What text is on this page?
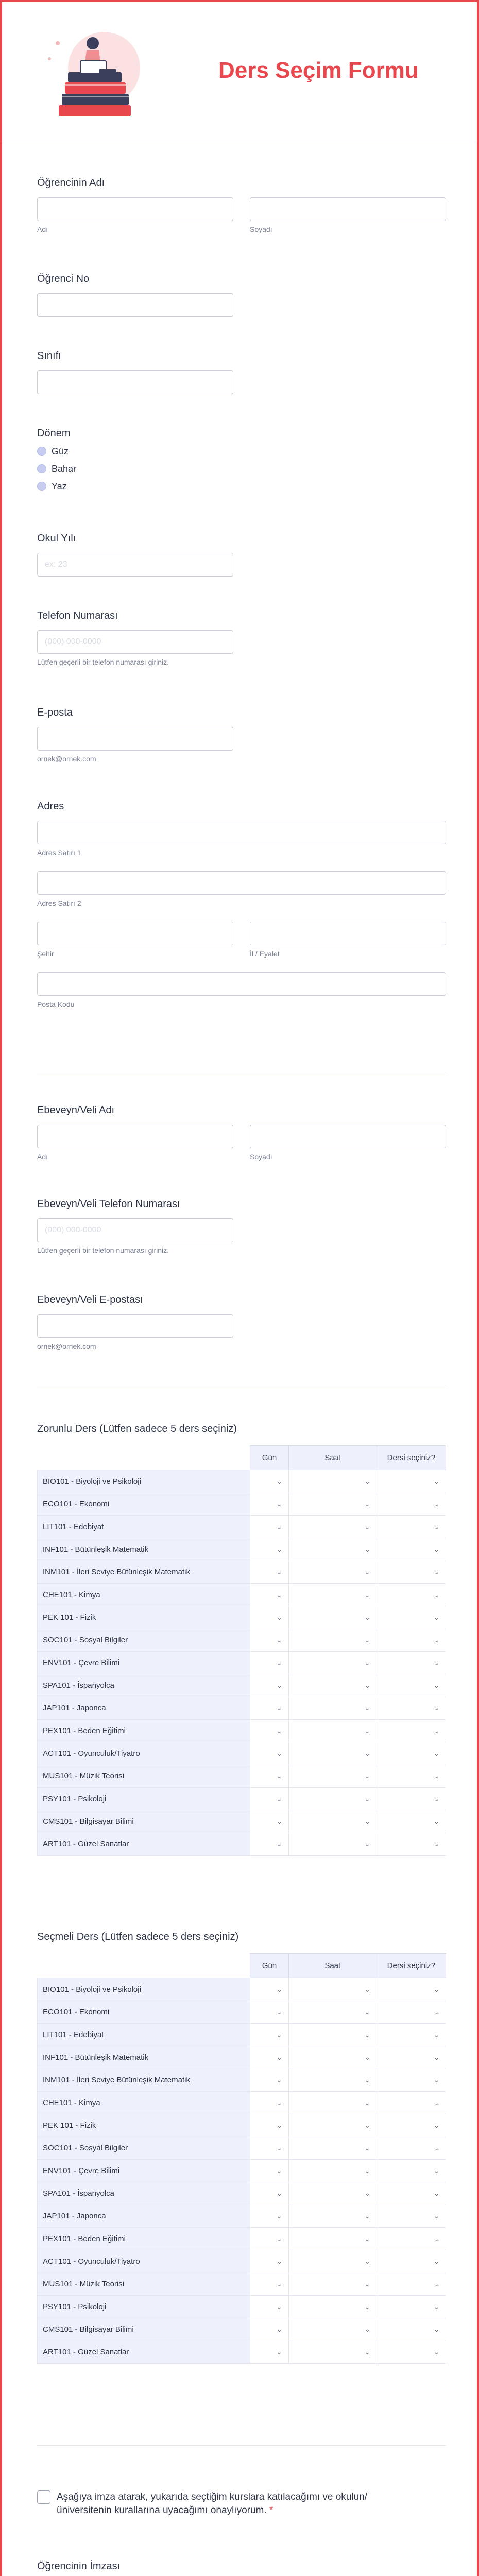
Ders Seçim Formu
Öğrencinin Adı
Adı	Soyadı
Öğrenci No
Sınıfı
Dönem
Güz
Bahar
Yaz
Okul Yılı
ex: 23
Telefon Numarası
(000) 000-0000
Lütfen geçerli bir telefon numarası giriniz.
E-posta
ornek@ornek.com
Adres
Adres Satırı 1
Adres Satırı 2
Şehir	İl / Eyalet
Posta Kodu
Ebeveyn/Veli Adı
Adı	Soyadı
Ebeveyn/Veli Telefon Numarası
(000) 000-0000
Lütfen geçerli bir telefon numarası giriniz.
Ebeveyn/Veli E-postası
ornek@ornek.com
Zorunlu Ders (Lütfen sadece 5 ders seçiniz)
	Gün	Saat	Dersi seçiniz?
BIO101 - Biyoloji ve Psikoloji	⌄	⌄	⌄

ECO101 - Ekonomi	⌄	⌄	⌄

LIT101 - Edebiyat	⌄	⌄	⌄

INF101 - Bütünleşik Matematik	⌄	⌄	⌄

INM101 - İleri Seviye Bütünleşik Matematik	⌄	⌄	⌄

CHE101 - Kimya	⌄	⌄	⌄

PEK 101 - Fizik	⌄	⌄	⌄

SOC101 - Sosyal Bilgiler	⌄	⌄	⌄

ENV101 - Çevre Bilimi	⌄	⌄	⌄

SPA101 - İspanyolca	⌄	⌄	⌄

JAP101 - Japonca	⌄	⌄	⌄

PEX101 - Beden Eğitimi	⌄	⌄	⌄

ACT101 - Oyunculuk/Tiyatro	⌄	⌄	⌄

MUS101 - Müzik Teorisi	⌄	⌄	⌄

PSY101 - Psikoloji	⌄	⌄	⌄

CMS101 - Bilgisayar Bilimi	⌄	⌄	⌄

ART101 - Güzel Sanatlar	⌄	⌄	⌄
Seçmeli Ders (Lütfen sadece 5 ders seçiniz)
	Gün	Saat	Dersi seçiniz?
BIO101 - Biyoloji ve Psikoloji	⌄	⌄	⌄

ECO101 - Ekonomi	⌄	⌄	⌄

LIT101 - Edebiyat	⌄	⌄	⌄

INF101 - Bütünleşik Matematik	⌄	⌄	⌄

INM101 - İleri Seviye Bütünleşik Matematik	⌄	⌄	⌄

CHE101 - Kimya	⌄	⌄	⌄

PEK 101 - Fizik	⌄	⌄	⌄

SOC101 - Sosyal Bilgiler	⌄	⌄	⌄

ENV101 - Çevre Bilimi	⌄	⌄	⌄

SPA101 - İspanyolca	⌄	⌄	⌄

JAP101 - Japonca	⌄	⌄	⌄

PEX101 - Beden Eğitimi	⌄	⌄	⌄

ACT101 - Oyunculuk/Tiyatro	⌄	⌄	⌄

MUS101 - Müzik Teorisi	⌄	⌄	⌄

PSY101 - Psikoloji	⌄	⌄	⌄

CMS101 - Bilgisayar Bilimi	⌄	⌄	⌄

ART101 - Güzel Sanatlar	⌄	⌄	⌄
Aşağıya imza atarak, yukarıda seçtiğim kurslara katılacağımı ve okulun/üniversitenin kurallarına uyacağımı onaylıyorum. *
Öğrencinin İmzası
